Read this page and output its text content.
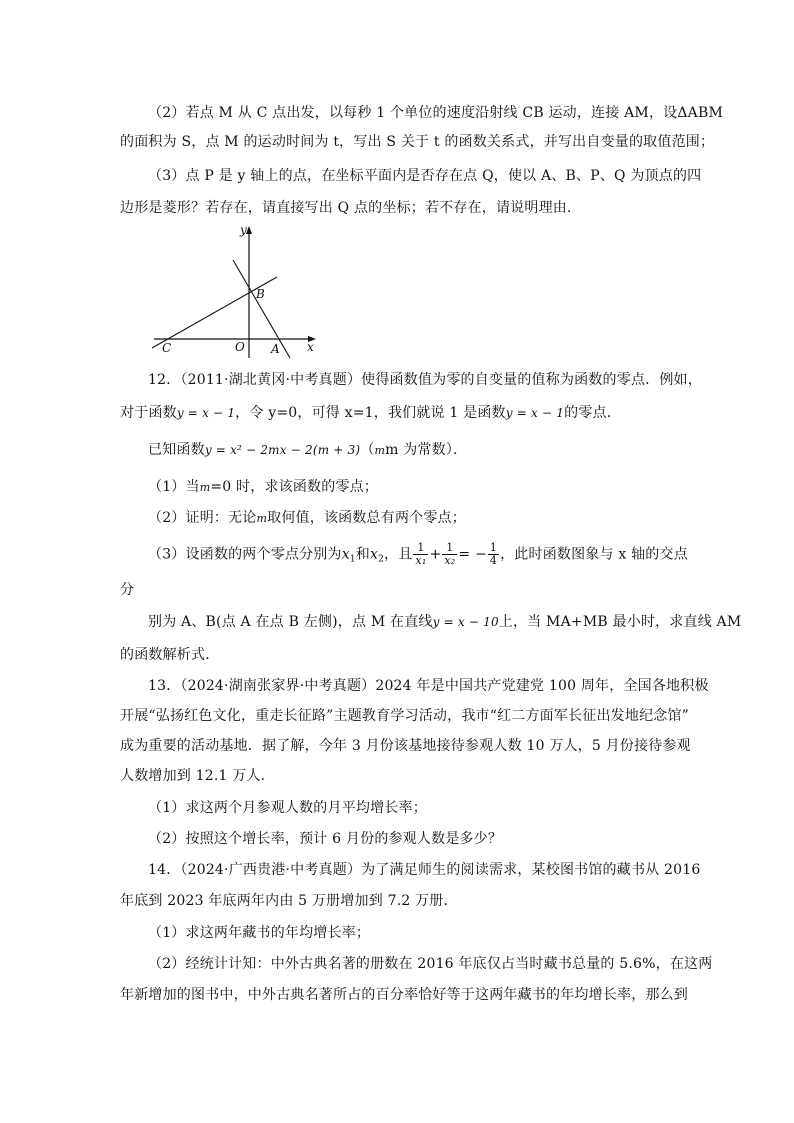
（2）若点 M 从 C 点出发，以每秒 1 个单位的速度沿射线 CB 运动，连接 AM，设ΔABM
的面积为 S，点 M 的运动时间为 t，写出 S 关于 t 的函数关系式，并写出自变量的取值范围；
（3）点 P 是 y 轴上的点，在坐标平面内是否存在点 Q，使以 A、B、P、Q 为顶点的四
边形是菱形？若存在，请直接写出 Q 点的坐标；若不存在，请说明理由．
y
x
B
C	O A
12．（2011·湖北黄冈·中考真题）使得函数值为零的自变量的值称为函数的零点．例如，
对于函数y = x − 1，令 y=0，可得 x=1，我们就说 1 是函数y = x − 1的零点．
已知函数y = x² − 2mx − 2(m + 3)（mm 为常数）．
（1）当m=0 时，求该函数的零点；
（2）证明：无论m取何值，该函数总有两个零点；
（3）设函数的两个零点分别为$x_1$和$x_2$，且 $\frac{1}{\text{x₁}} + \frac{1}{\text{x₂}}$ = − $\frac{1}{4}$ ，此时函数图象与 x 轴的交点
分
别为 A、B(点 A 在点 B 左侧)，点 M 在直线y = x − 10上，当 MA+MB 最小时，求直线 AM
的函数解析式．
13．（2024·湖南张家界·中考真题）2024 年是中国共产党建党 100 周年，全国各地积极
开展“弘扬红色文化，重走长征路”主题教育学习活动，我市“红二方面军长征出发地纪念馆”
成为重要的活动基地．据了解，今年 3 月份该基地接待参观人数 10 万人，5 月份接待参观
人数增加到 12.1 万人．
（1）求这两个月参观人数的月平均增长率；
（2）按照这个增长率，预计 6 月份的参观人数是多少？
14．（2024·广西贵港·中考真题）为了满足师生的阅读需求，某校图书馆的藏书从 2016
年底到 2023 年底两年内由 5 万册增加到 7.2 万册．
（1）求这两年藏书的年均增长率；
（2）经统计计知：中外古典名著的册数在 2016 年底仅占当时藏书总量的 5.6%，在这两
年新增加的图书中，中外古典名著所占的百分率恰好等于这两年藏书的年均增长率，那么到
